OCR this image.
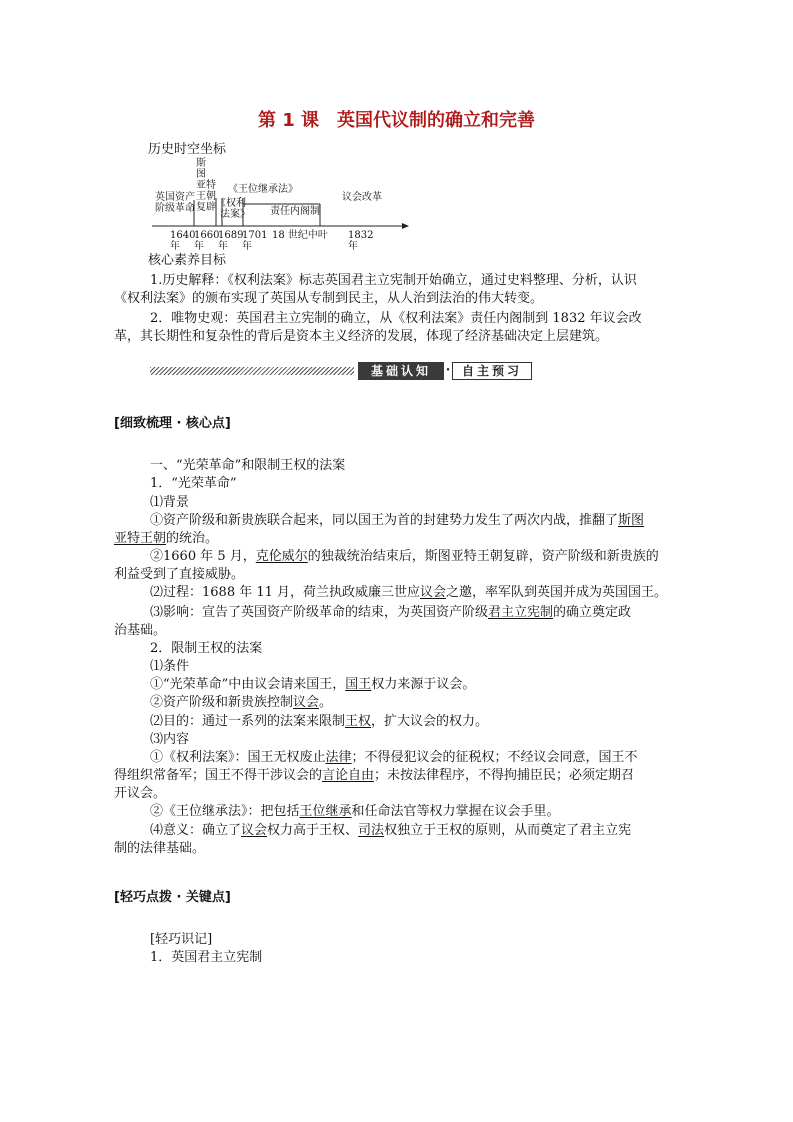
第 1 课　英国代议制的确立和完善
历史时空坐标
斯
图
亚特
王朝
复辟
英国资产
阶级革命
《王位继承法》
《权利
法案》 责任内阁制
议会改革
1640
年
1660
年
1689
年
1701
年
18 世纪中叶 1832
年
核心素养目标
1.历史解释：《权利法案》标志英国君主立宪制开始确立，通过史料整理、分析，认识
《权利法案》的颁布实现了英国从专制到民主，从人治到法治的伟大转变。
2．唯物史观：英国君主立宪制的确立，从《权利法案》责任内阁制到 1832 年议会改
革，其长期性和复杂性的背后是资本主义经济的发展，体现了经济基础决定上层建筑。
基础认知	· 自主预习
[细致梳理 · 核心点]
一、“光荣革命”和限制王权的法案
1．“光荣革命”
⑴背景
①资产阶级和新贵族联合起来，同以国王为首的封建势力发生了两次内战，推翻了斯图
亚特王朝的统治。
②1660 年 5 月，克伦威尔的独裁统治结束后，斯图亚特王朝复辟，资产阶级和新贵族的
利益受到了直接威胁。
⑵过程：1688 年 11 月，荷兰执政威廉三世应议会之邀，率军队到英国并成为英国国王。
⑶影响：宣告了英国资产阶级革命的结束，为英国资产阶级君主立宪制的确立奠定政
治基础。
2．限制王权的法案
⑴条件
①“光荣革命”中由议会请来国王，国王权力来源于议会。
②资产阶级和新贵族控制议会。
⑵目的：通过一系列的法案来限制王权，扩大议会的权力。
⑶内容
①《权利法案》：国王无权废止法律；不得侵犯议会的征税权；不经议会同意，国王不
得组织常备军；国王不得干涉议会的言论自由；未按法律程序，不得拘捕臣民；必须定期召
开议会。
②《王位继承法》：把包括王位继承和任命法官等权力掌握在议会手里。
⑷意义：确立了议会权力高于王权、司法权独立于王权的原则，从而奠定了君主立宪
制的法律基础。
[轻巧点拨 · 关键点]
[轻巧识记]
1．英国君主立宪制
